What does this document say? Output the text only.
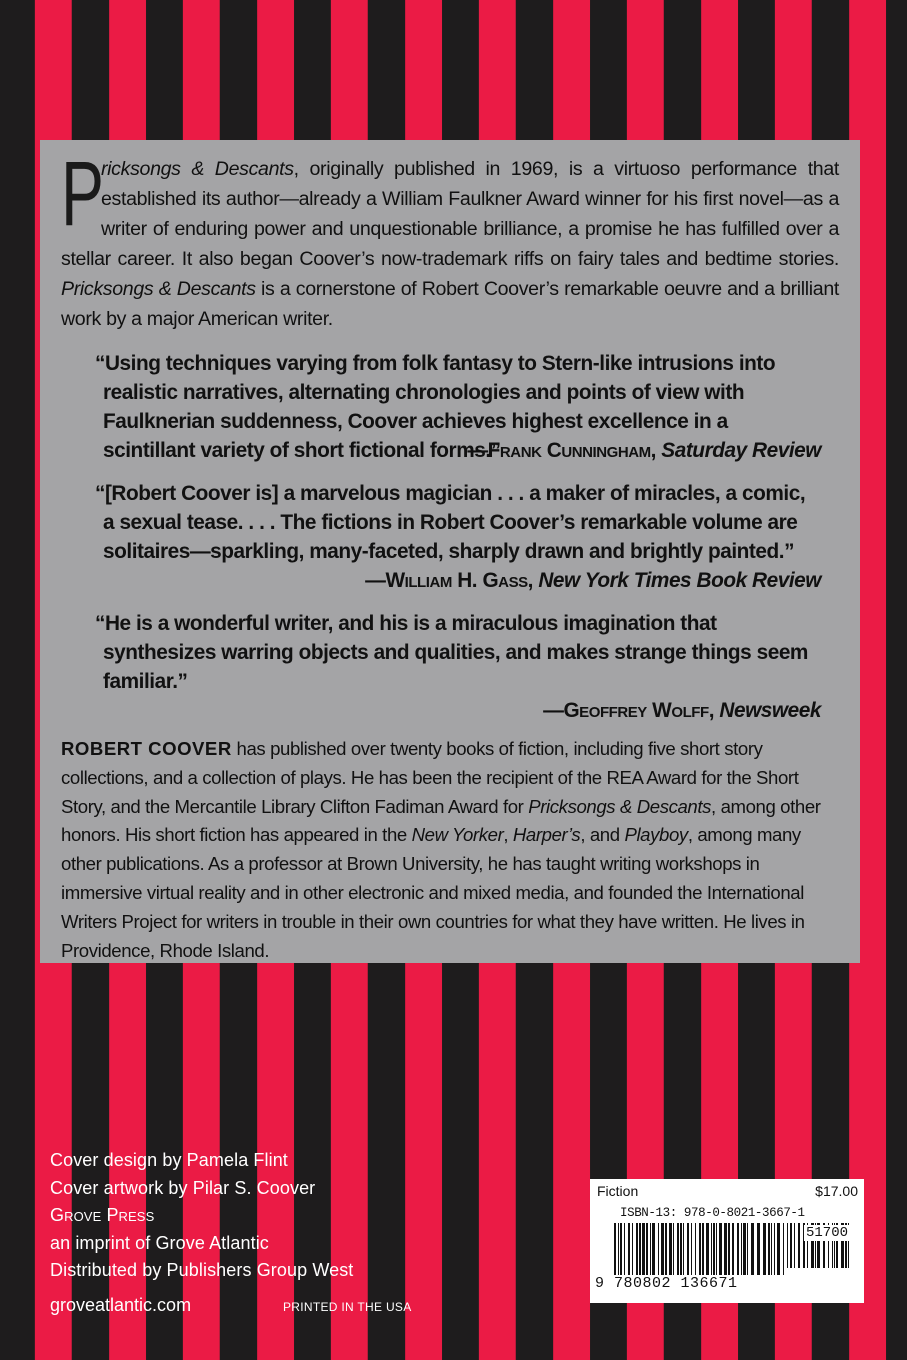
P
ricksongs & Descants, originally published in 1969, is a virtuoso performance that established its author—already a William Faulkner Award winner for his first novel—as a writer of enduring power and unquestionable brilliance, a promise he has fulfilled over a stellar career. It also began Coover’s now-trademark riffs on fairy tales and bedtime stories. Pricksongs & Descants is a cornerstone of Robert Coover’s remarkable oeuvre and a brilliant work by a major American writer.

“Using techniques varying from folk fantasy to Stern-like intrusions into realistic narratives, alternating chronologies and points of view with Faulknerian suddenness, Coover achieves highest excellence in a scintillant variety of short fictional forms.”
—Frank Cunningham, Saturday Review
“[Robert Coover is] a marvelous magician . . . a maker of miracles, a comic, a sexual tease. . . . The fictions in Robert Coover’s remarkable volume are solitaires—sparkling, many-faceted, sharply drawn and brightly painted.”
—William H. Gass, New York Times Book Review
“He is a wonderful writer, and his is a miraculous imagination that synthesizes warring objects and qualities, and makes strange things seem familiar.”
—Geoffrey Wolff, Newsweek

ROBERT COOVER has published over twenty books of fiction, including five short story collections, and a collection of plays. He has been the recipient of the REA Award for the Short Story, and the Mercantile Library Clifton Fadiman Award for Pricksongs & Descants, among other honors. His short fiction has appeared in the New Yorker, Harper’s, and Playboy, among many other publications. As a professor at Brown University, he has taught writing workshops in immersive virtual reality and in other electronic and mixed media, and founded the International Writers Project for writers in trouble in their own countries for what they have written. He lives in Providence, Rhode Island.

Cover design by Pamela Flint
Cover artwork by Pilar S. Coover
Grove Press
an imprint of Grove Atlantic
Distributed by Publishers Group West
groveatlantic.com	PRINTED IN THE USA
Fiction	$17.00
ISBN-13: 978-0-8021-3667-1
51700
9 780802 136671
